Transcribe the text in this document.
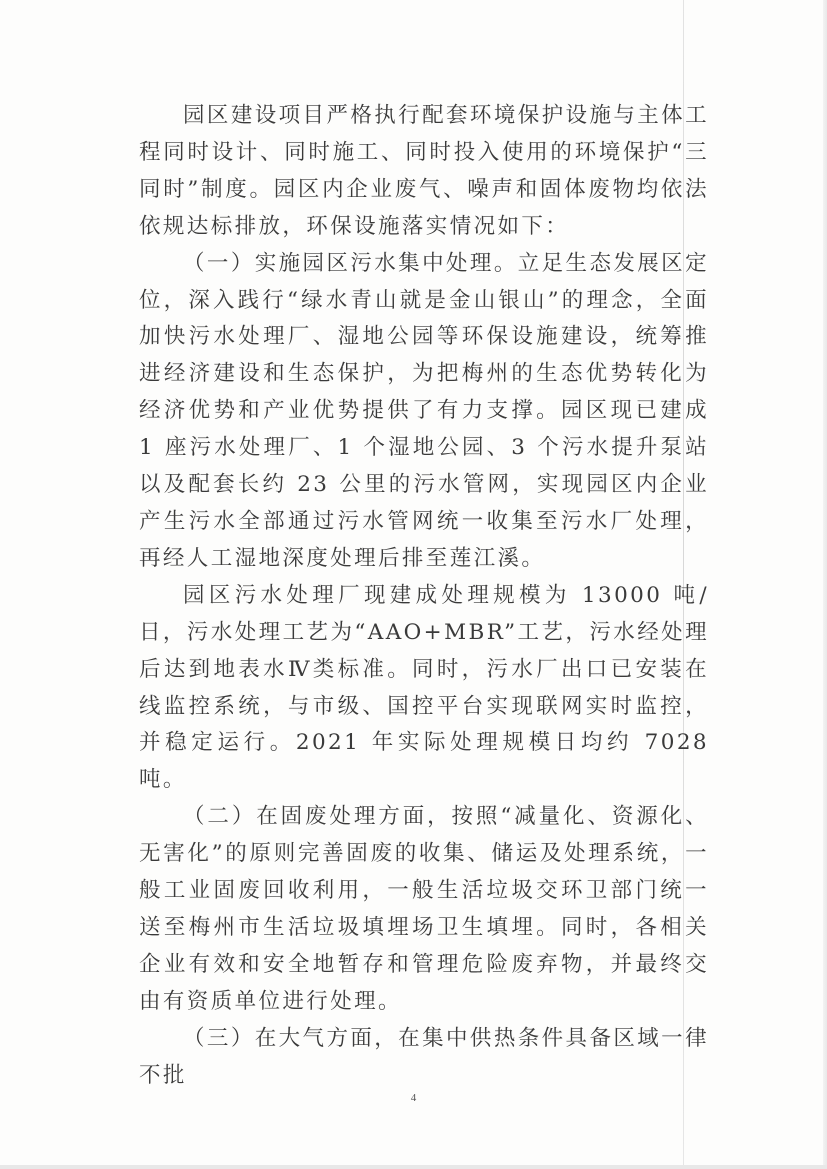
园区建设项目严格执行配套环境保护设施与主体工程同时设计、同时施工、同时投入使用的环境保护“三同时”制度。园区内企业废气、噪声和固体废物均依法依规达标排放，环保设施落实情况如下：

（一）实施园区污水集中处理。立足生态发展区定位，深入践行“绿水青山就是金山银山”的理念，全面加快污水处理厂、湿地公园等环保设施建设，统筹推进经济建设和生态保护，为把梅州的生态优势转化为经济优势和产业优势提供了有力支撑。园区现已建成 1 座污水处理厂、1 个湿地公园、3 个污水提升泵站以及配套长约 23 公里的污水管网，实现园区内企业产生污水全部通过污水管网统一收集至污水厂处理，再经人工湿地深度处理后排至莲江溪。

园区污水处理厂现建成处理规模为 13000 吨/日，污水处理工艺为“AAO+MBR”工艺，污水经处理后达到地表水Ⅳ类标准。同时，污水厂出口已安装在线监控系统，与市级、国控平台实现联网实时监控，并稳定运行。2021 年实际处理规模日均约 7028 吨。

（二）在固废处理方面，按照“减量化、资源化、无害化”的原则完善固废的收集、储运及处理系统，一般工业固废回收利用，一般生活垃圾交环卫部门统一送至梅州市生活垃圾填埋场卫生填埋。同时，各相关企业有效和安全地暂存和管理危险废弃物，并最终交由有资质单位进行处理。

（三）在大气方面，在集中供热条件具备区域一律不批

4
